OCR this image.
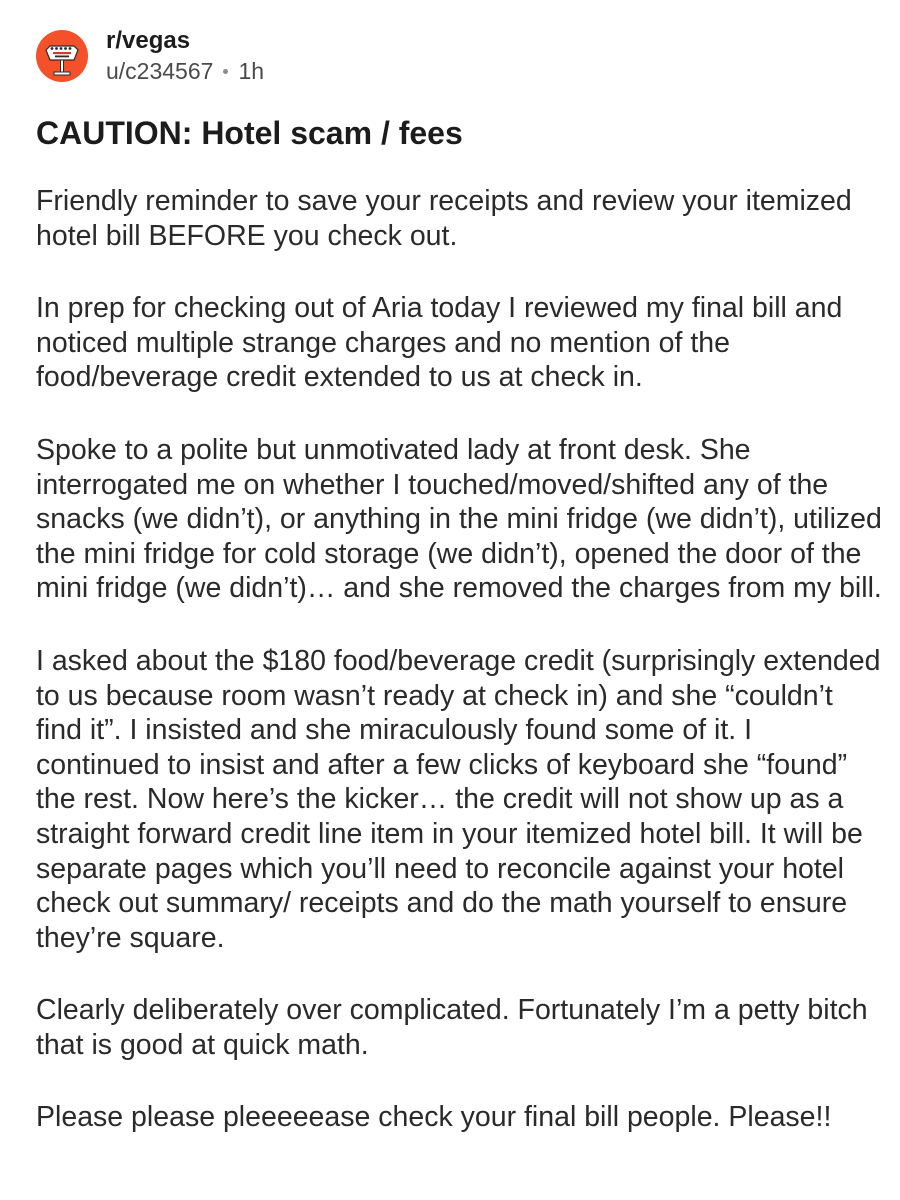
r/vegas
u/c234567 1h
CAUTION: Hotel scam / fees

Friendly reminder to save your receipts and review your itemized hotel bill BEFORE you check out.

In prep for checking out of Aria today I reviewed my final bill and noticed multiple strange charges and no mention of the food/beverage credit extended to us at check in.

Spoke to a polite but unmotivated lady at front desk. She interrogated me on whether I touched/moved/shifted any of the snacks (we didn’t), or anything in the mini fridge (we didn’t), utilized the mini fridge for cold storage (we didn’t), opened the door of the mini fridge (we didn’t)… and she removed the charges from my bill.

I asked about the $180 food/beverage credit (surprisingly extended to us because room wasn’t ready at check in) and she “couldn’t find it”. I insisted and she miraculously found some of it. I continued to insist and after a few clicks of keyboard she “found” the rest. Now here’s the kicker… the credit will not show up as a straight forward credit line item in your itemized hotel bill. It will be separate pages which you’ll need to reconcile against your hotel check out summary/ receipts and do the math yourself to ensure they’re square.

Clearly deliberately over complicated. Fortunately I’m a petty bitch that is good at quick math.

Please please pleeeeease check your final bill people. Please!!
